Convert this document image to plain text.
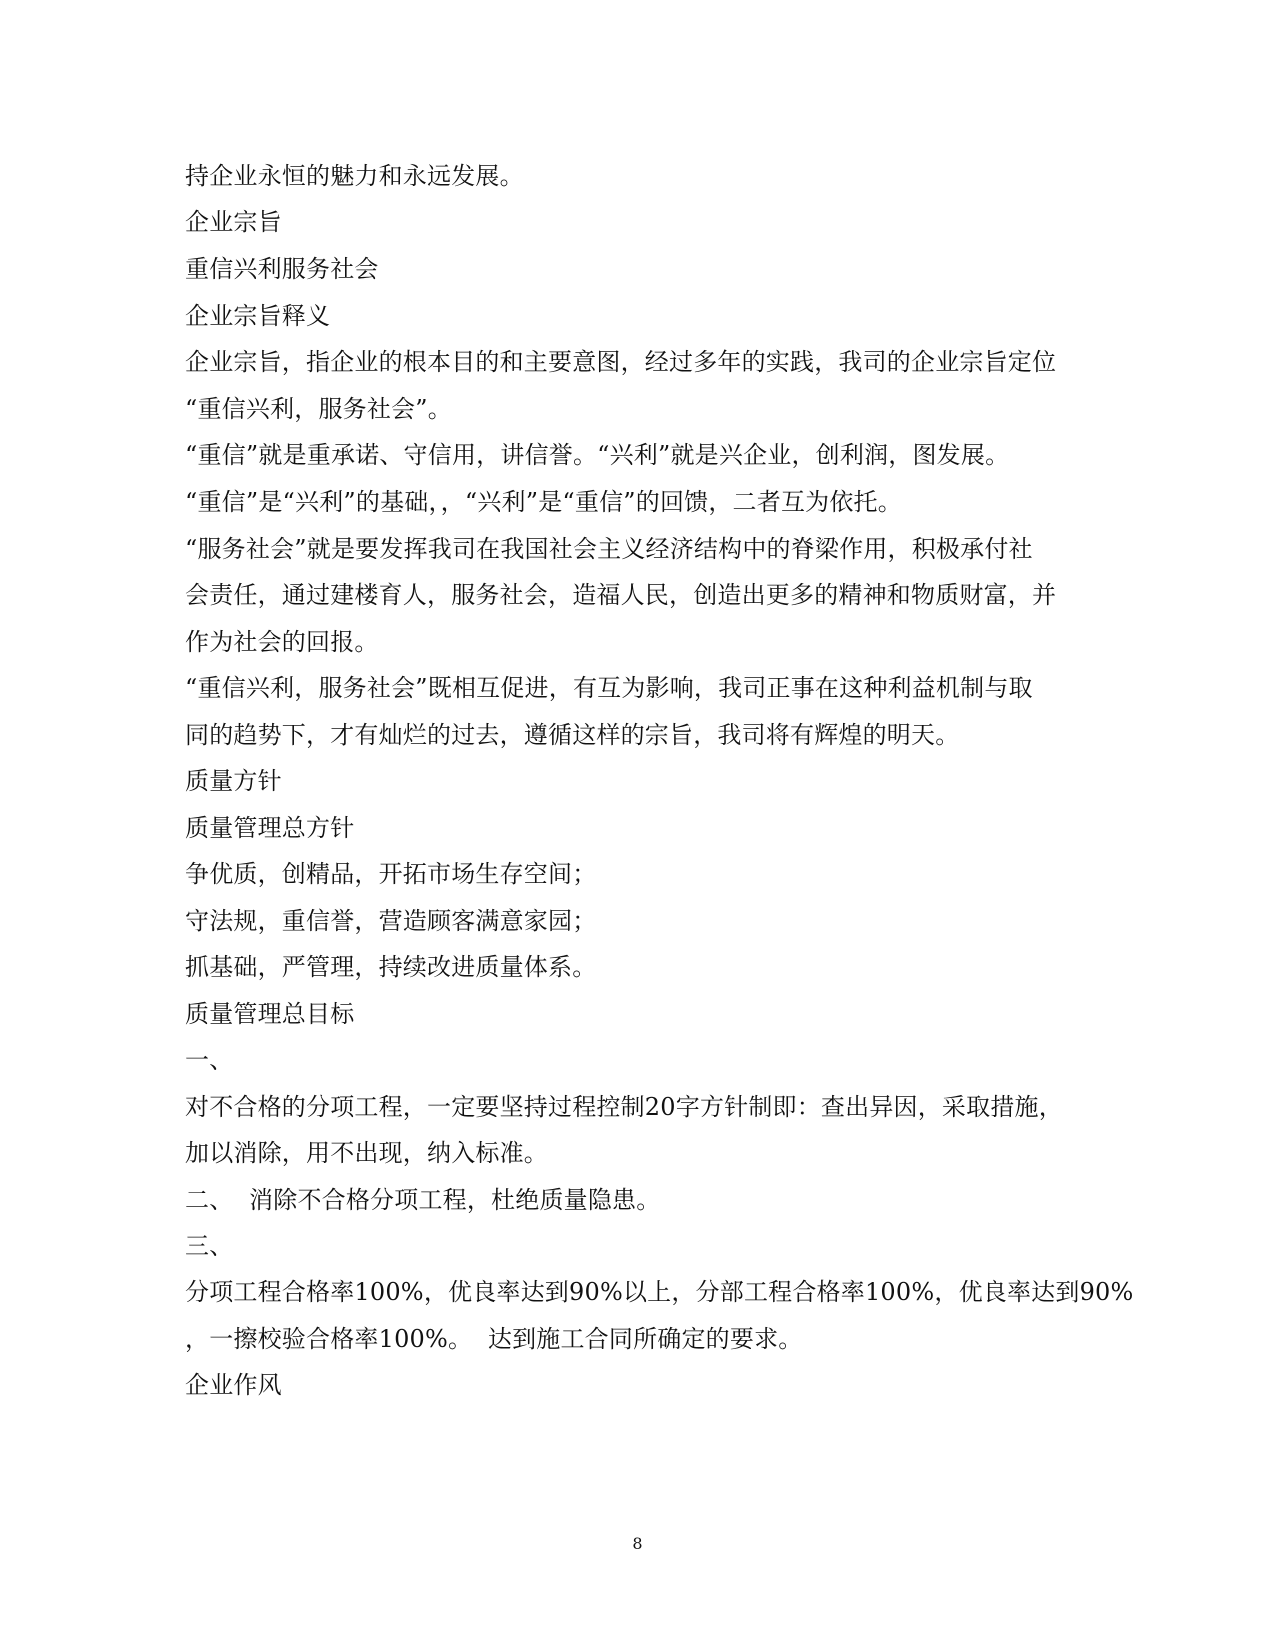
持企业永恒的魅力和永远发展。
企业宗旨
重信兴利服务社会
企业宗旨释义
企业宗旨，指企业的根本目的和主要意图，经过多年的实践，我司的企业宗旨定位
“重信兴利，服务社会”。
“重信”就是重承诺、守信用，讲信誉。“兴利”就是兴企业，创利润，图发展。
“重信”是“兴利”的基础，，“兴利”是“重信”的回馈，二者互为依托。
“服务社会”就是要发挥我司在我国社会主义经济结构中的脊梁作用，积极承付社
会责任，通过建楼育人，服务社会，造福人民，创造出更多的精神和物质财富，并
作为社会的回报。
“重信兴利，服务社会”既相互促进，有互为影响，我司正事在这种利益机制与取
同的趋势下，才有灿烂的过去，遵循这样的宗旨，我司将有辉煌的明天。
质量方针
质量管理总方针
争优质，创精品，开拓市场生存空间；
守法规，重信誉，营造顾客满意家园；
抓基础，严管理，持续改进质量体系。
质量管理总目标
一、
对不合格的分项工程，一定要坚持过程控制20字方针制即：查出异因，采取措施，
加以消除，用不出现，纳入标准。
二、  消除不合格分项工程，杜绝质量隐患。
三、
分项工程合格率100%，优良率达到90%以上，分部工程合格率100%，优良率达到90%
，一擦校验合格率100%。  达到施工合同所确定的要求。
企业作风
8
